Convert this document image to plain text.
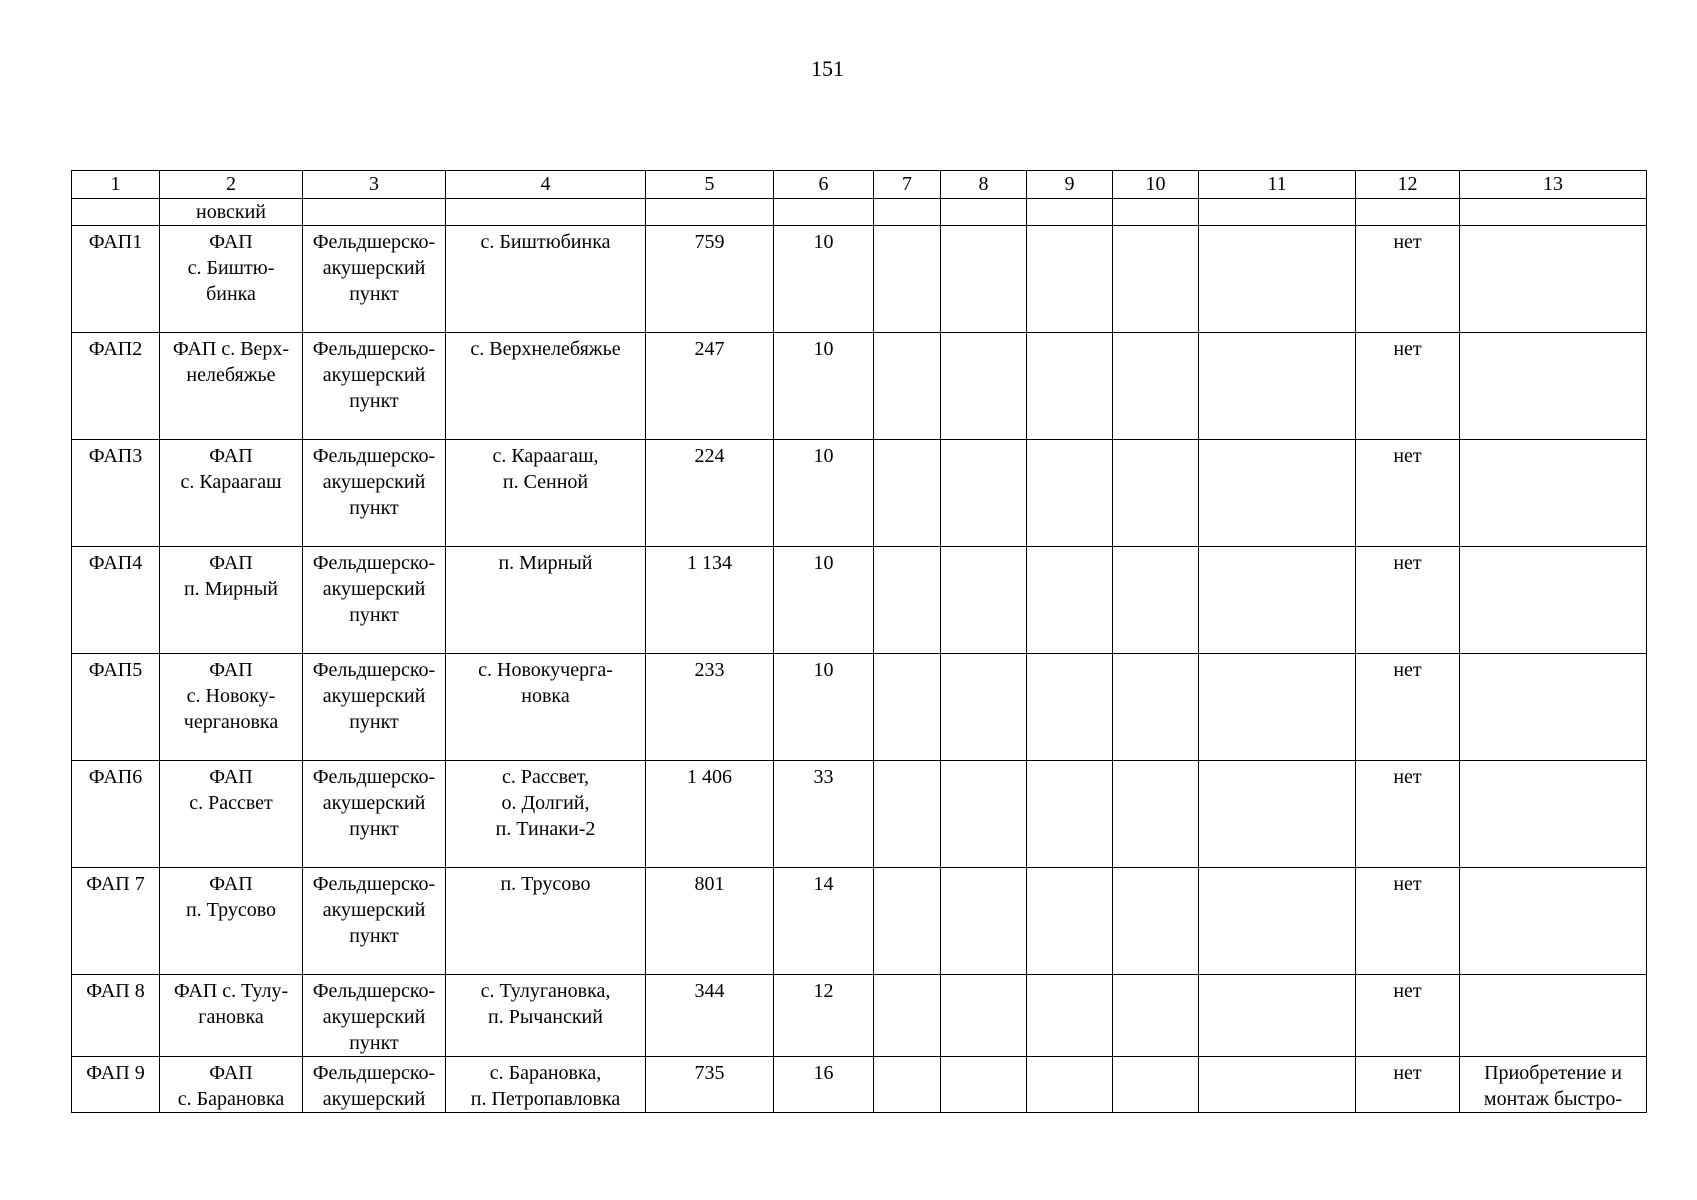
151
1	2	3	4	5	6	7	8	9	10	11	12	13
	новский											

ФАП1	ФАП
с. Биштю-
бинка	Фельдшерско-
акушерский
пункт	с. Биштюбинка	759	10						нет	

ФАП2	ФАП с. Верх-
нелебяжье	Фельдшерско-
акушерский
пункт	с. Верхнелебяжье	247	10						нет	

ФАП3	ФАП
с. Караагаш	Фельдшерско-
акушерский
пункт	с. Караагаш,
п. Сенной	224	10						нет	

ФАП4	ФАП
п. Мирный	Фельдшерско-
акушерский
пункт	п. Мирный	1 134	10						нет	

ФАП5	ФАП
с. Новоку-
черганoвка	Фельдшерско-
акушерский
пункт	с. Новокучерга-
новка	233	10						нет	

ФАП6	ФАП
с. Рассвет	Фельдшерско-
акушерский
пункт	с. Рассвет,
о. Долгий,
п. Тинаки-2	1 406	33						нет	

ФАП 7	ФАП
п. Трусово	Фельдшерско-
акушерский
пункт	п. Трусово	801	14						нет	

ФАП 8	ФАП с. Тулу-
гановка	Фельдшерско-
акушерский
пункт	с. Тулугановка,
п. Рычанский	344	12						нет	

ФАП 9	ФАП
с. Барановка	Фельдшерско-
акушерский	с. Барановка,
п. Петропавловка	735	16						нет	Приобретение и
монтаж быстро-
